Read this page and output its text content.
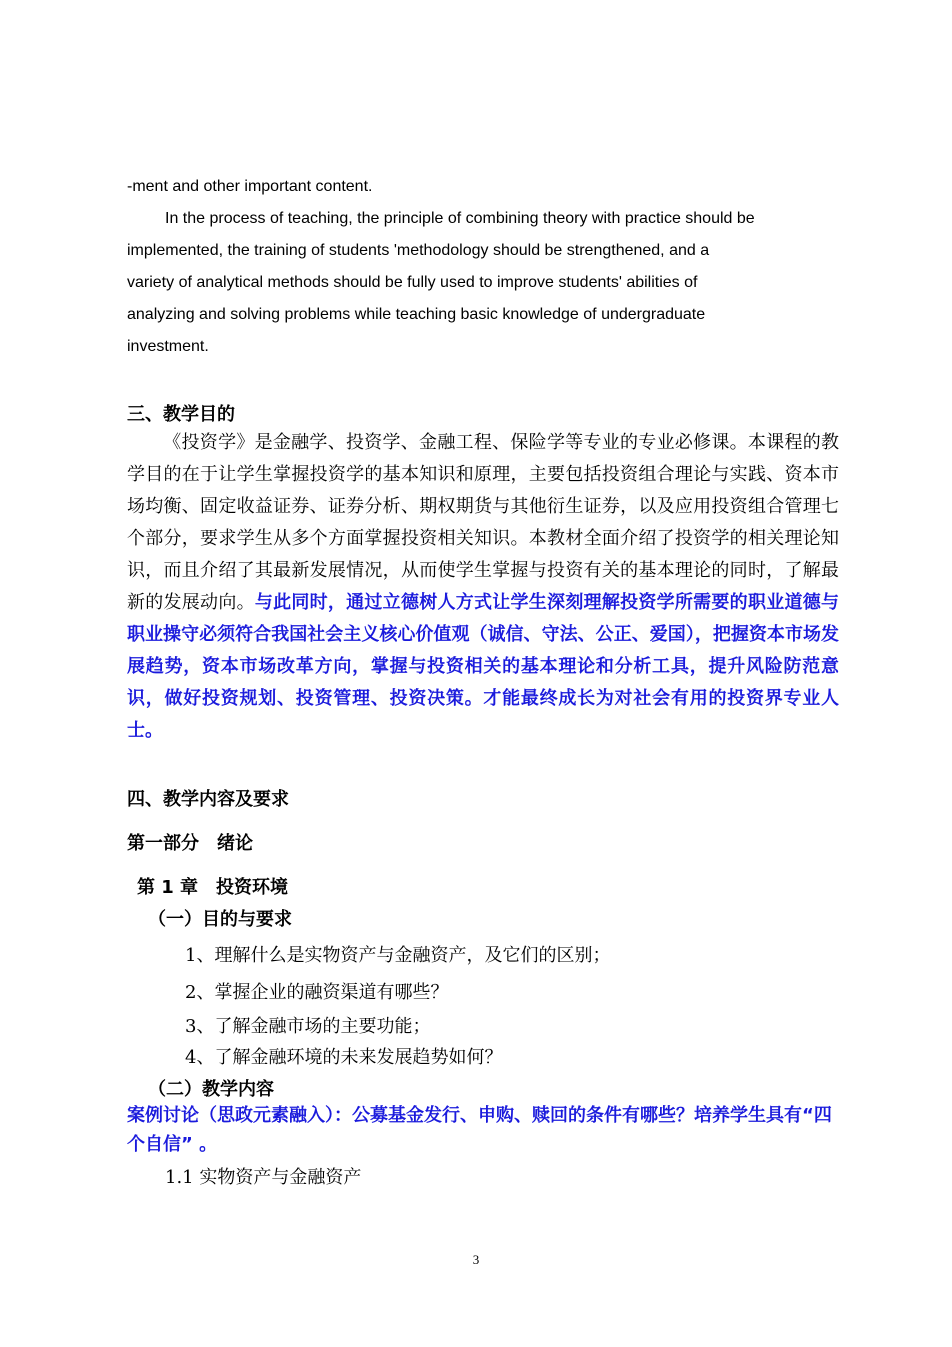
-ment and other important content.
In the process of teaching, the principle of combining theory with practice should be
implemented, the training of students 'methodology should be strengthened, and a
variety of analytical methods should be fully used to improve students' abilities of
analyzing and solving problems while teaching basic knowledge of undergraduate
investment.
三、教学目的
《投资学》是金融学、投资学、金融工程、保险学等专业的专业必修课。本课程的教学目的在于让学生掌握投资学的基本知识和原理，主要包括投资组合理论与实践、资本市场均衡、固定收益证券、证券分析、期权期货与其他衍生证券，以及应用投资组合管理七个部分，要求学生从多个方面掌握投资相关知识。本教材全面介绍了投资学的相关理论知识，而且介绍了其最新发展情况，从而使学生掌握与投资有关的基本理论的同时，了解最新的发展动向。与此同时，通过立德树人方式让学生深刻理解投资学所需要的职业道德与职业操守必须符合我国社会主义核心价值观（诚信、守法、公正、爱国），把握资本市场发展趋势，资本市场改革方向，掌握与投资相关的基本理论和分析工具，提升风险防范意识，做好投资规划、投资管理、投资决策。才能最终成长为对社会有用的投资界专业人士。
四、教学内容及要求
第一部分　绪论
第 1 章　投资环境
（一）目的与要求
1、理解什么是实物资产与金融资产，及它们的区别；
2、掌握企业的融资渠道有哪些？
3、了解金融市场的主要功能；
4、了解金融环境的未来发展趋势如何？
（二）教学内容
案例讨论（思政元素融入）：公募基金发行、申购、赎回的条件有哪些？培养学生具有“四个自信” 。
1.1 实物资产与金融资产
3
